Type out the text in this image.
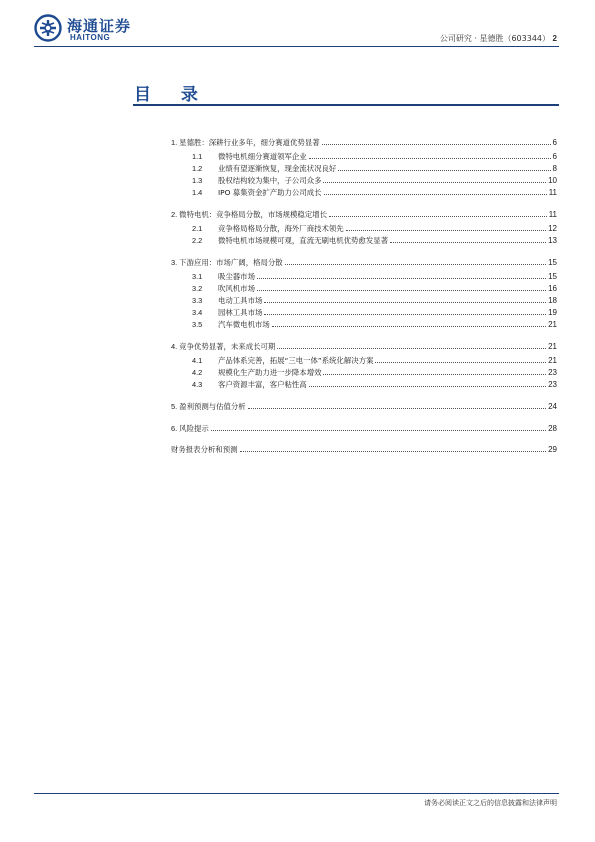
海通证券
HAITONG	公司研究 · 星德胜（603344） 2
目 录
1. 星德胜：深耕行业多年，细分赛道优势显著	6
1.1	微特电机细分赛道领军企业	6
1.2	业绩有望逐渐恢复，现金流状况良好	8
1.3	股权结构较为集中，子公司众多	10
1.4	IPO 募集资金扩产助力公司成长	11
2. 微特电机：竞争格局分散，市场规模稳定增长	11
2.1	竞争格局格局分散，海外厂商技术领先	12
2.2	微特电机市场规模可观，直流无刷电机优势愈发显著	13
3. 下游应用：市场广阔，格局分散	15
3.1	吸尘器市场	15
3.2	吹风机市场	16
3.3	电动工具市场	18
3.4	园林工具市场	19
3.5	汽车微电机市场	21
4. 竞争优势显著，未来成长可期	21
4.1	产品体系完善，拓展“三电一体”系统化解决方案	21
4.2	规模化生产助力进一步降本增效	23
4.3	客户资源丰富，客户粘性高	23
5. 盈利预测与估值分析	24
6. 风险提示	28
财务报表分析和预测	29
请务必阅读正文之后的信息披露和法律声明
